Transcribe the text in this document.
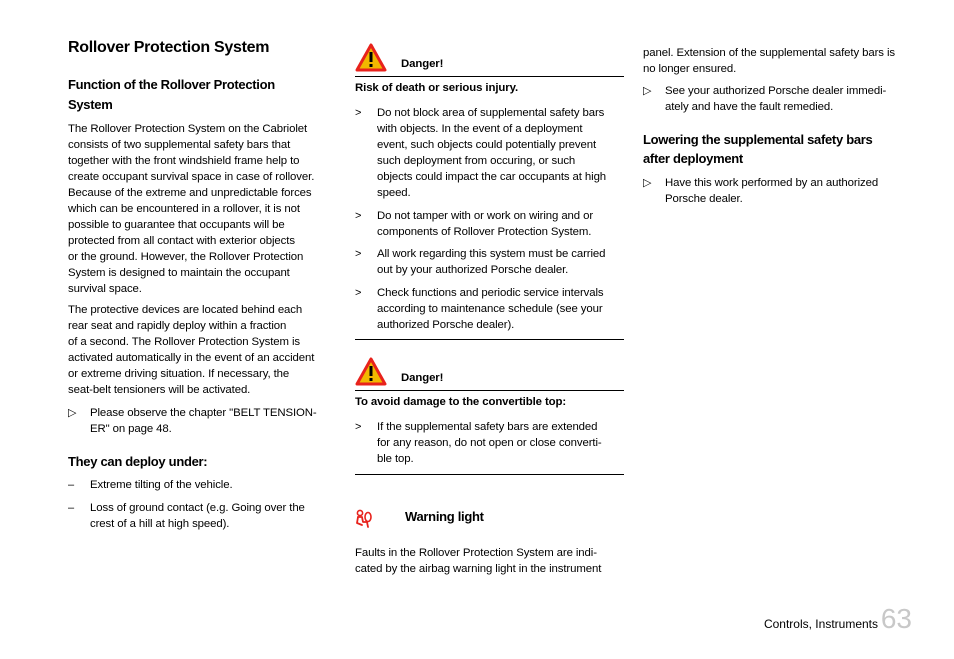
Rollover Protection System
Function of the Rollover Protection
System
The Rollover Protection System on the Cabriolet
consists of two supplemental safety bars that
together with the front windshield frame help to
create occupant survival space in case of rollover.
Because of the extreme and unpredictable forces
which can be encountered in a rollover, it is not
possible to guarantee that occupants will be
protected from all contact with exterior objects
or the ground. However, the Rollover Protection
System is designed to maintain the occupant
survival space.
The protective devices are located behind each
rear seat and rapidly deploy within a fraction
of a second. The Rollover Protection System is
activated automatically in the event of an accident
or extreme driving situation. If necessary, the
seat-belt tensioners will be activated.
▷	Please observe the chapter "BELT TENSION-
ER" on page 48.
They can deploy under:
–	Extreme tilting of the vehicle.
–	Loss of ground contact (e.g. Going over the
crest of a hill at high speed).
Danger!
Risk of death or serious injury.
>	Do not block area of supplemental safety bars
with objects. In the event of a deployment
event, such objects could potentially prevent
such deployment from occuring, or such
objects could impact the car occupants at high
speed.
>	Do not tamper with or work on wiring and or
components of Rollover Protection System.
>	All work regarding this system must be carried
out by your authorized Porsche dealer.
>	Check functions and periodic service intervals
according to maintenance schedule (see your
authorized Porsche dealer).
Danger!
To avoid damage to the convertible top:
>	If the supplemental safety bars are extended
for any reason, do not open or close converti-
ble top.
Warning light
Faults in the Rollover Protection System are indi-
cated by the airbag warning light in the instrument
panel. Extension of the supplemental safety bars is
no longer ensured.
▷	See your authorized Porsche dealer immedi-
ately and have the fault remedied.
Lowering the supplemental safety bars
after deployment
▷	Have this work performed by an authorized
Porsche dealer.
Controls, Instruments 63
